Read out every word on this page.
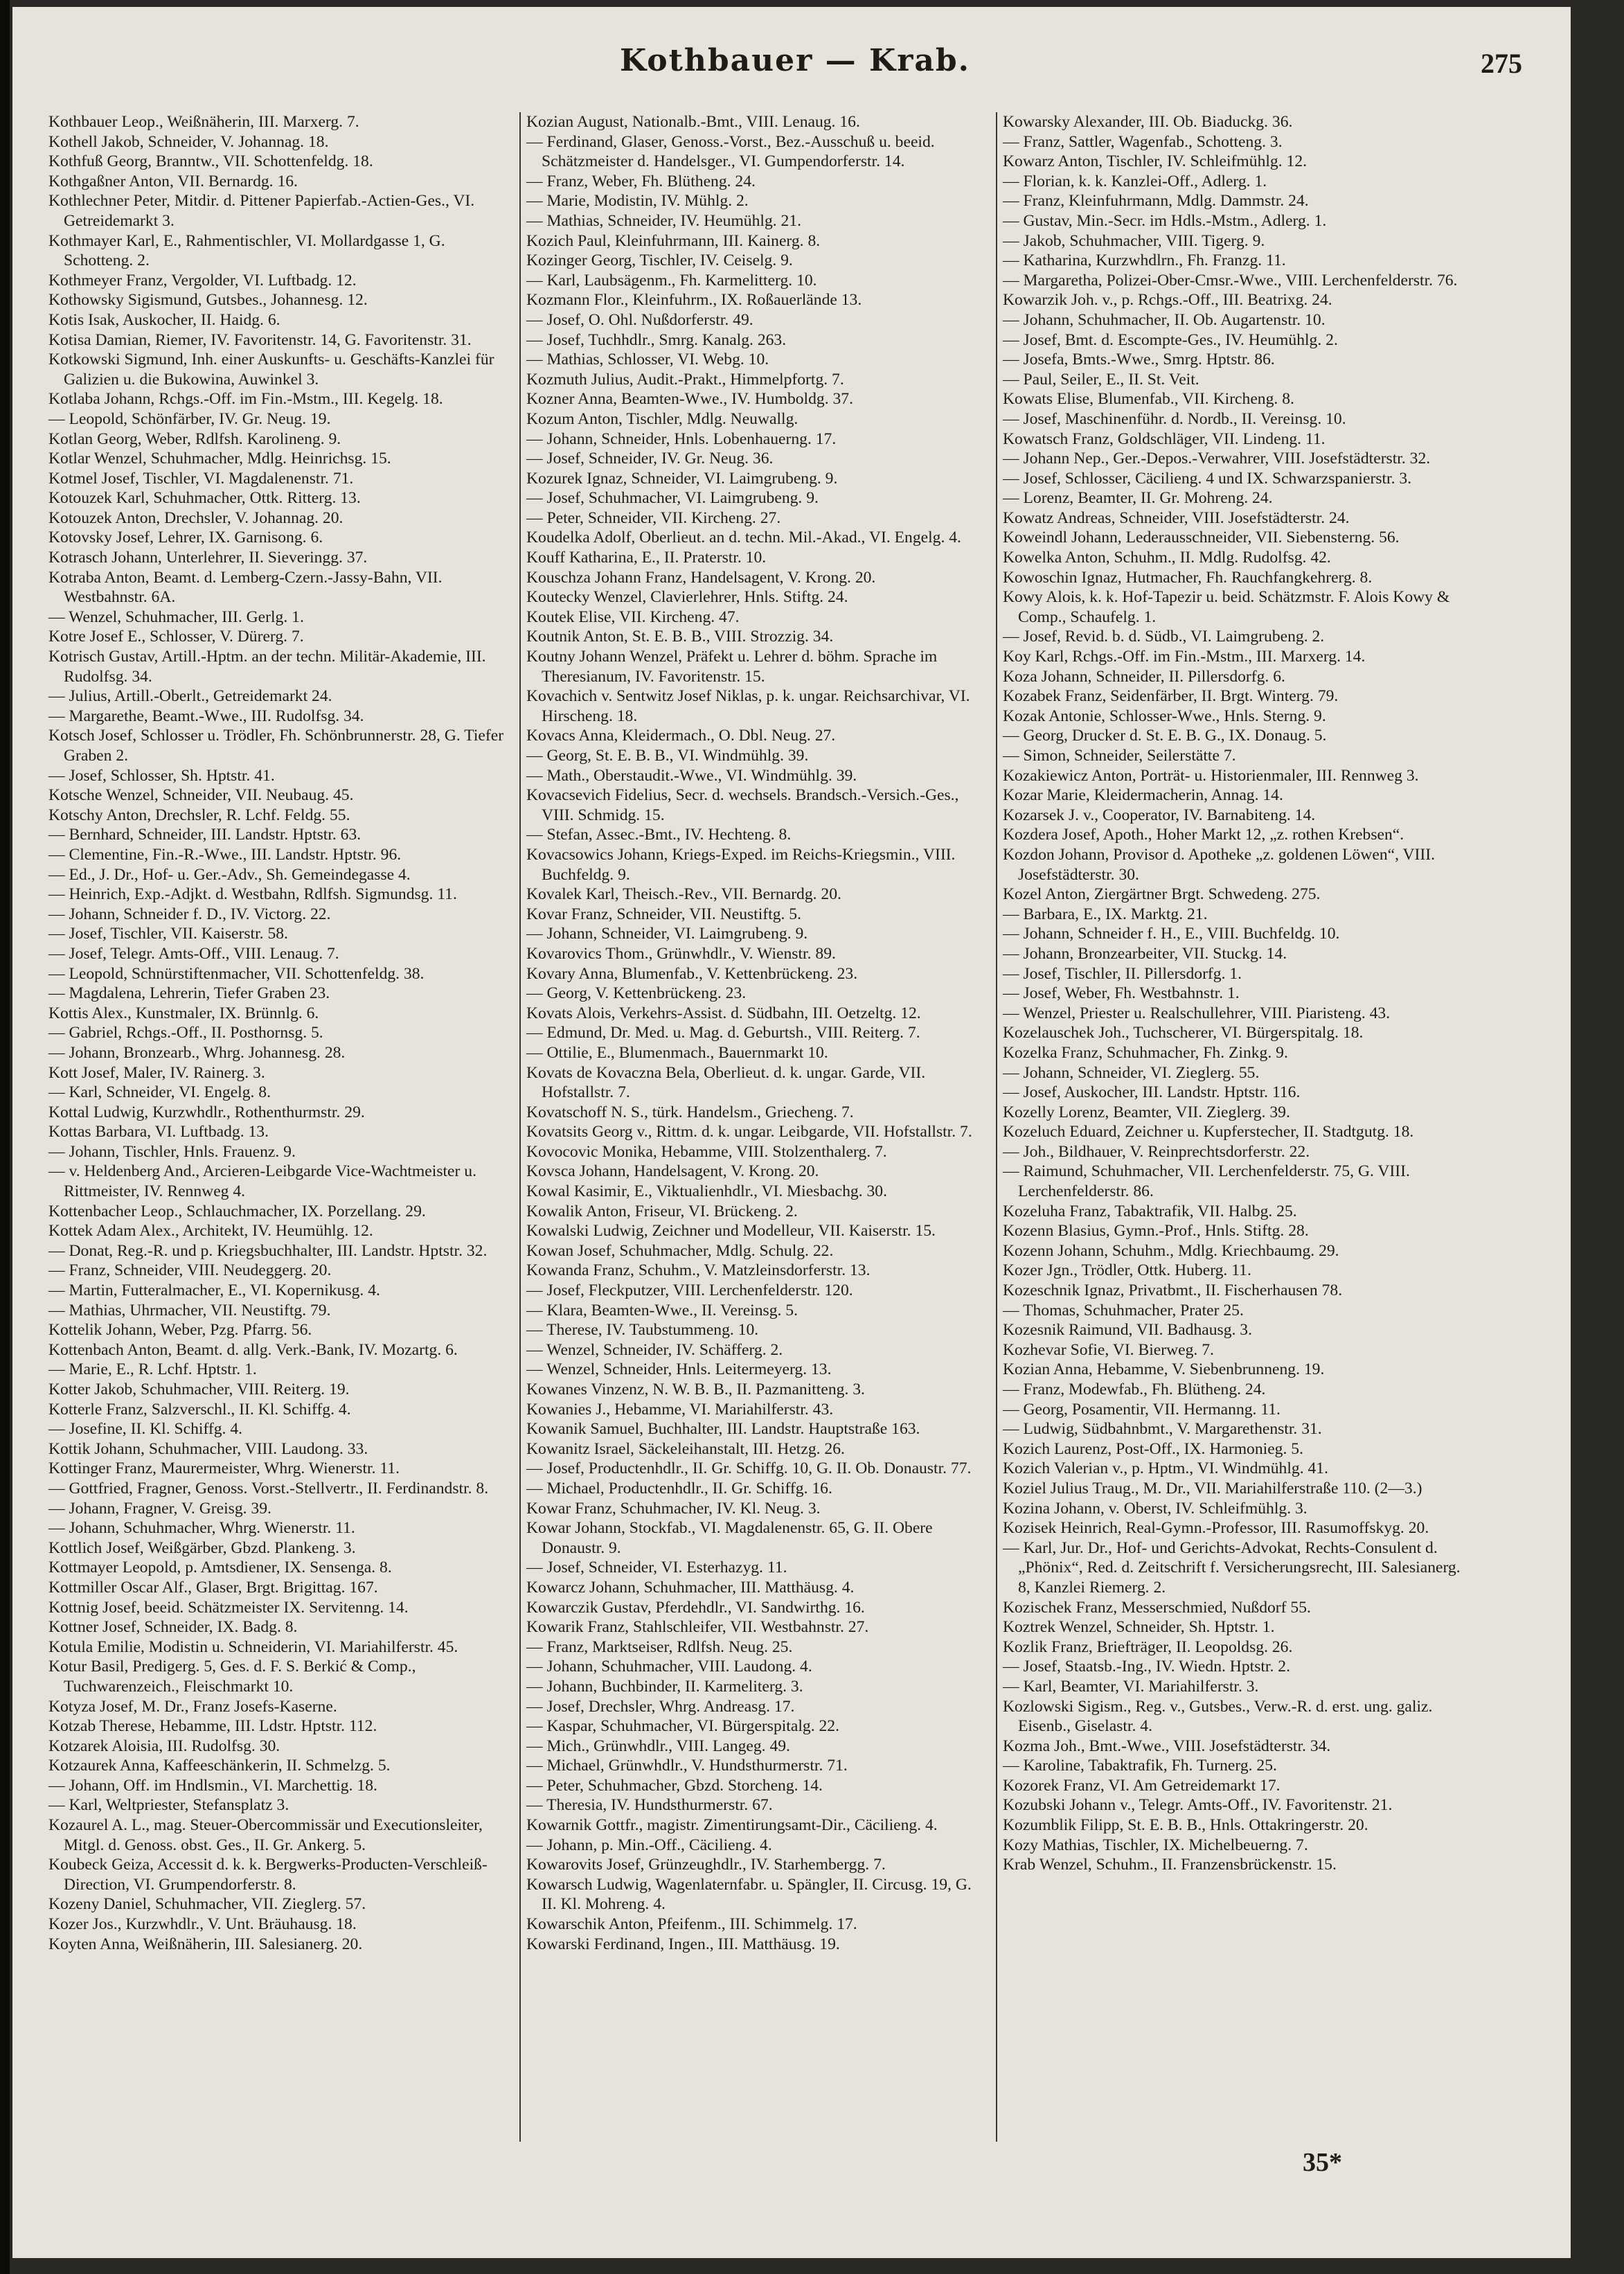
Kothbauer — Krab.	275

Kothbauer Leop., Weißnäherin, III. Marxerg. 7.

Kothell Jakob, Schneider, V. Johannag. 18.

Kothfuß Georg, Branntw., VII. Schottenfeldg. 18.

Kothgaßner Anton, VII. Bernardg. 16.

Kothlechner Peter, Mitdir. d. Pittener Papierfab.-Actien-Ges., VI. Getreidemarkt 3.

Kothmayer Karl, E., Rahmentischler, VI. Mollardgasse 1, G. Schotteng. 2.

Kothmeyer Franz, Vergolder, VI. Luftbadg. 12.

Kothowsky Sigismund, Gutsbes., Johannesg. 12.

Kotis Isak, Auskocher, II. Haidg. 6.

Kotisa Damian, Riemer, IV. Favoritenstr. 14, G. Favoritenstr. 31.

Kotkowski Sigmund, Inh. einer Auskunfts- u. Geschäfts-Kanzlei für Galizien u. die Bukowina, Auwinkel 3.

Kotlaba Johann, Rchgs.-Off. im Fin.-Mstm., III. Kegelg. 18.

— Leopold, Schönfärber, IV. Gr. Neug. 19.

Kotlan Georg, Weber, Rdlfsh. Karolineng. 9.

Kotlar Wenzel, Schuhmacher, Mdlg. Heinrichsg. 15.

Kotmel Josef, Tischler, VI. Magdalenenstr. 71.

Kotouzek Karl, Schuhmacher, Ottk. Ritterg. 13.

Kotouzek Anton, Drechsler, V. Johannag. 20.

Kotovsky Josef, Lehrer, IX. Garnisong. 6.

Kotrasch Johann, Unterlehrer, II. Sieveringg. 37.

Kotraba Anton, Beamt. d. Lemberg-Czern.-Jassy-Bahn, VII. Westbahnstr. 6A.

— Wenzel, Schuhmacher, III. Gerlg. 1.

Kotre Josef E., Schlosser, V. Dürerg. 7.

Kotrisch Gustav, Artill.-Hptm. an der techn. Militär-Akademie, III. Rudolfsg. 34.

— Julius, Artill.-Oberlt., Getreidemarkt 24.

— Margarethe, Beamt.-Wwe., III. Rudolfsg. 34.

Kotsch Josef, Schlosser u. Trödler, Fh. Schönbrunnerstr. 28, G. Tiefer Graben 2.

— Josef, Schlosser, Sh. Hptstr. 41.

Kotsche Wenzel, Schneider, VII. Neubaug. 45.

Kotschy Anton, Drechsler, R. Lchf. Feldg. 55.

— Bernhard, Schneider, III. Landstr. Hptstr. 63.

— Clementine, Fin.-R.-Wwe., III. Landstr. Hptstr. 96.

— Ed., J. Dr., Hof- u. Ger.-Adv., Sh. Gemeindegasse 4.

— Heinrich, Exp.-Adjkt. d. Westbahn, Rdlfsh. Sigmundsg. 11.

— Johann, Schneider f. D., IV. Victorg. 22.

— Josef, Tischler, VII. Kaiserstr. 58.

— Josef, Telegr. Amts-Off., VIII. Lenaug. 7.

— Leopold, Schnürstiftenmacher, VII. Schottenfeldg. 38.

— Magdalena, Lehrerin, Tiefer Graben 23.

Kottis Alex., Kunstmaler, IX. Brünnlg. 6.

— Gabriel, Rchgs.-Off., II. Posthornsg. 5.

— Johann, Bronzearb., Whrg. Johannesg. 28.

Kott Josef, Maler, IV. Rainerg. 3.

— Karl, Schneider, VI. Engelg. 8.

Kottal Ludwig, Kurzwhdlr., Rothenthurmstr. 29.

Kottas Barbara, VI. Luftbadg. 13.

— Johann, Tischler, Hnls. Frauenz. 9.

— v. Heldenberg And., Arcieren-Leibgarde Vice-Wachtmeister u. Rittmeister, IV. Rennweg 4.

Kottenbacher Leop., Schlauchmacher, IX. Porzellang. 29.

Kottek Adam Alex., Architekt, IV. Heumühlg. 12.

— Donat, Reg.-R. und p. Kriegsbuchhalter, III. Landstr. Hptstr. 32.

— Franz, Schneider, VIII. Neudeggerg. 20.

— Martin, Futteralmacher, E., VI. Kopernikusg. 4.

— Mathias, Uhrmacher, VII. Neustiftg. 79.

Kottelik Johann, Weber, Pzg. Pfarrg. 56.

Kottenbach Anton, Beamt. d. allg. Verk.-Bank, IV. Mozartg. 6.

— Marie, E., R. Lchf. Hptstr. 1.

Kotter Jakob, Schuhmacher, VIII. Reiterg. 19.

Kotterle Franz, Salzverschl., II. Kl. Schiffg. 4.

— Josefine, II. Kl. Schiffg. 4.

Kottik Johann, Schuhmacher, VIII. Laudong. 33.

Kottinger Franz, Maurermeister, Whrg. Wienerstr. 11.

— Gottfried, Fragner, Genoss. Vorst.-Stellvertr., II. Ferdinandstr. 8.

— Johann, Fragner, V. Greisg. 39.

— Johann, Schuhmacher, Whrg. Wienerstr. 11.

Kottlich Josef, Weißgärber, Gbzd. Plankeng. 3.

Kottmayer Leopold, p. Amtsdiener, IX. Sensenga. 8.

Kottmiller Oscar Alf., Glaser, Brgt. Brigittag. 167.

Kottnig Josef, beeid. Schätzmeister IX. Servitenng. 14.

Kottner Josef, Schneider, IX. Badg. 8.

Kotula Emilie, Modistin u. Schneiderin, VI. Mariahilferstr. 45.

Kotur Basil, Predigerg. 5, Ges. d. F. S. Berkić & Comp., Tuchwarenzeich., Fleischmarkt 10.

Kotyza Josef, M. Dr., Franz Josefs-Kaserne.

Kotzab Therese, Hebamme, III. Ldstr. Hptstr. 112.

Kotzarek Aloisia, III. Rudolfsg. 30.

Kotzaurek Anna, Kaffeeschänkerin, II. Schmelzg. 5.

— Johann, Off. im Hndlsmin., VI. Marchettig. 18.

— Karl, Weltpriester, Stefansplatz 3.

Kozaurel A. L., mag. Steuer-Obercommissär und Executionsleiter, Mitgl. d. Genoss. obst. Ges., II. Gr. Ankerg. 5.

Koubeck Geiza, Accessit d. k. k. Bergwerks-Producten-Verschleiß-Direction, VI. Grumpendorferstr. 8.

Kozeny Daniel, Schuhmacher, VII. Zieglerg. 57.

Kozer Jos., Kurzwhdlr., V. Unt. Bräuhausg. 18.

Koyten Anna, Weißnäherin, III. Salesianerg. 20.

Kozian August, Nationalb.-Bmt., VIII. Lenaug. 16.

— Ferdinand, Glaser, Genoss.-Vorst., Bez.-Ausschuß u. beeid. Schätzmeister d. Handelsger., VI. Gumpendorferstr. 14.

— Franz, Weber, Fh. Blütheng. 24.

— Marie, Modistin, IV. Mühlg. 2.

— Mathias, Schneider, IV. Heumühlg. 21.

Kozich Paul, Kleinfuhrmann, III. Kainerg. 8.

Kozinger Georg, Tischler, IV. Ceiselg. 9.

— Karl, Laubsägenm., Fh. Karmelitterg. 10.

Kozmann Flor., Kleinfuhrm., IX. Roßauerlände 13.

— Josef, O. Ohl. Nußdorferstr. 49.

— Josef, Tuchhdlr., Smrg. Kanalg. 263.

— Mathias, Schlosser, VI. Webg. 10.

Kozmuth Julius, Audit.-Prakt., Himmelpfortg. 7.

Kozner Anna, Beamten-Wwe., IV. Humboldg. 37.

Kozum Anton, Tischler, Mdlg. Neuwallg.

— Johann, Schneider, Hnls. Lobenhauerng. 17.

— Josef, Schneider, IV. Gr. Neug. 36.

Kozurek Ignaz, Schneider, VI. Laimgrubeng. 9.

— Josef, Schuhmacher, VI. Laimgrubeng. 9.

— Peter, Schneider, VII. Kircheng. 27.

Koudelka Adolf, Oberlieut. an d. techn. Mil.-Akad., VI. Engelg. 4.

Kouff Katharina, E., II. Praterstr. 10.

Kouschza Johann Franz, Handelsagent, V. Krong. 20.

Koutecky Wenzel, Clavierlehrer, Hnls. Stiftg. 24.

Koutek Elise, VII. Kircheng. 47.

Koutnik Anton, St. E. B. B., VIII. Strozzig. 34.

Koutny Johann Wenzel, Präfekt u. Lehrer d. böhm. Sprache im Theresianum, IV. Favoritenstr. 15.

Kovachich v. Sentwitz Josef Niklas, p. k. ungar. Reichsarchivar, VI. Hirscheng. 18.

Kovacs Anna, Kleidermach., O. Dbl. Neug. 27.

— Georg, St. E. B. B., VI. Windmühlg. 39.

— Math., Oberstaudit.-Wwe., VI. Windmühlg. 39.

Kovacsevich Fidelius, Secr. d. wechsels. Brandsch.-Versich.-Ges., VIII. Schmidg. 15.

— Stefan, Assec.-Bmt., IV. Hechteng. 8.

Kovacsowics Johann, Kriegs-Exped. im Reichs-Kriegsmin., VIII. Buchfeldg. 9.

Kovalek Karl, Theisch.-Rev., VII. Bernardg. 20.

Kovar Franz, Schneider, VII. Neustiftg. 5.

— Johann, Schneider, VI. Laimgrubeng. 9.

Kovarovics Thom., Grünwhdlr., V. Wienstr. 89.

Kovary Anna, Blumenfab., V. Kettenbrückeng. 23.

— Georg, V. Kettenbrückeng. 23.

Kovats Alois, Verkehrs-Assist. d. Südbahn, III. Oetzeltg. 12.

— Edmund, Dr. Med. u. Mag. d. Geburtsh., VIII. Reiterg. 7.

— Ottilie, E., Blumenmach., Bauernmarkt 10.

Kovats de Kovaczna Bela, Oberlieut. d. k. ungar. Garde, VII. Hofstallstr. 7.

Kovatschoff N. S., türk. Handelsm., Griecheng. 7.

Kovatsits Georg v., Rittm. d. k. ungar. Leibgarde, VII. Hofstallstr. 7.

Kovocovic Monika, Hebamme, VIII. Stolzenthalerg. 7.

Kovsca Johann, Handelsagent, V. Krong. 20.

Kowal Kasimir, E., Viktualienhdlr., VI. Miesbachg. 30.

Kowalik Anton, Friseur, VI. Brückeng. 2.

Kowalski Ludwig, Zeichner und Modelleur, VII. Kaiserstr. 15.

Kowan Josef, Schuhmacher, Mdlg. Schulg. 22.

Kowanda Franz, Schuhm., V. Matzleinsdorferstr. 13.

— Josef, Fleckputzer, VIII. Lerchenfelderstr. 120.

— Klara, Beamten-Wwe., II. Vereinsg. 5.

— Therese, IV. Taubstummeng. 10.

— Wenzel, Schneider, IV. Schäfferg. 2.

— Wenzel, Schneider, Hnls. Leitermeyerg. 13.

Kowanes Vinzenz, N. W. B. B., II. Pazmanitteng. 3.

Kowanies J., Hebamme, VI. Mariahilferstr. 43.

Kowanik Samuel, Buchhalter, III. Landstr. Hauptstraße 163.

Kowanitz Israel, Säckeleihanstalt, III. Hetzg. 26.

— Josef, Productenhdlr., II. Gr. Schiffg. 10, G. II. Ob. Donaustr. 77.

— Michael, Productenhdlr., II. Gr. Schiffg. 16.

Kowar Franz, Schuhmacher, IV. Kl. Neug. 3.

Kowar Johann, Stockfab., VI. Magdalenenstr. 65, G. II. Obere Donaustr. 9.

— Josef, Schneider, VI. Esterhazyg. 11.

Kowarcz Johann, Schuhmacher, III. Matthäusg. 4.

Kowarczik Gustav, Pferdehdlr., VI. Sandwirthg. 16.

Kowarik Franz, Stahlschleifer, VII. Westbahnstr. 27.

— Franz, Marktseiser, Rdlfsh. Neug. 25.

— Johann, Schuhmacher, VIII. Laudong. 4.

— Johann, Buchbinder, II. Karmeliterg. 3.

— Josef, Drechsler, Whrg. Andreasg. 17.

— Kaspar, Schuhmacher, VI. Bürgerspitalg. 22.

— Mich., Grünwhdlr., VIII. Langeg. 49.

— Michael, Grünwhdlr., V. Hundsthurmerstr. 71.

— Peter, Schuhmacher, Gbzd. Storcheng. 14.

— Theresia, IV. Hundsthurmerstr. 67.

Kowarnik Gottfr., magistr. Zimentirungsamt-Dir., Cäcilieng. 4.

— Johann, p. Min.-Off., Cäcilieng. 4.

Kowarovits Josef, Grünzeughdlr., IV. Starhembergg. 7.

Kowarsch Ludwig, Wagenlaternfabr. u. Spängler, II. Circusg. 19, G. II. Kl. Mohreng. 4.

Kowarschik Anton, Pfeifenm., III. Schimmelg. 17.

Kowarski Ferdinand, Ingen., III. Matthäusg. 19.

Kowarsky Alexander, III. Ob. Biaduckg. 36.

— Franz, Sattler, Wagenfab., Schotteng. 3.

Kowarz Anton, Tischler, IV. Schleifmühlg. 12.

— Florian, k. k. Kanzlei-Off., Adlerg. 1.

— Franz, Kleinfuhrmann, Mdlg. Dammstr. 24.

— Gustav, Min.-Secr. im Hdls.-Mstm., Adlerg. 1.

— Jakob, Schuhmacher, VIII. Tigerg. 9.

— Katharina, Kurzwhdlrn., Fh. Franzg. 11.

— Margaretha, Polizei-Ober-Cmsr.-Wwe., VIII. Lerchenfelderstr. 76.

Kowarzik Joh. v., p. Rchgs.-Off., III. Beatrixg. 24.

— Johann, Schuhmacher, II. Ob. Augartenstr. 10.

— Josef, Bmt. d. Escompte-Ges., IV. Heumühlg. 2.

— Josefa, Bmts.-Wwe., Smrg. Hptstr. 86.

— Paul, Seiler, E., II. St. Veit.

Kowats Elise, Blumenfab., VII. Kircheng. 8.

— Josef, Maschinenführ. d. Nordb., II. Vereinsg. 10.

Kowatsch Franz, Goldschläger, VII. Lindeng. 11.

— Johann Nep., Ger.-Depos.-Verwahrer, VIII. Josefstädterstr. 32.

— Josef, Schlosser, Cäcilieng. 4 und IX. Schwarzspanierstr. 3.

— Lorenz, Beamter, II. Gr. Mohreng. 24.

Kowatz Andreas, Schneider, VIII. Josefstädterstr. 24.

Koweindl Johann, Lederausschneider, VII. Siebensterng. 56.

Kowelka Anton, Schuhm., II. Mdlg. Rudolfsg. 42.

Kowoschin Ignaz, Hutmacher, Fh. Rauchfangkehrerg. 8.

Kowy Alois, k. k. Hof-Tapezir u. beid. Schätzmstr. F. Alois Kowy & Comp., Schaufelg. 1.

— Josef, Revid. b. d. Südb., VI. Laimgrubeng. 2.

Koy Karl, Rchgs.-Off. im Fin.-Mstm., III. Marxerg. 14.

Koza Johann, Schneider, II. Pillersdorfg. 6.

Kozabek Franz, Seidenfärber, II. Brgt. Winterg. 79.

Kozak Antonie, Schlosser-Wwe., Hnls. Sterng. 9.

— Georg, Drucker d. St. E. B. G., IX. Donaug. 5.

— Simon, Schneider, Seilerstätte 7.

Kozakiewicz Anton, Porträt- u. Historienmaler, III. Rennweg 3.

Kozar Marie, Kleidermacherin, Annag. 14.

Kozarsek J. v., Cooperator, IV. Barnabiteng. 14.

Kozdera Josef, Apoth., Hoher Markt 12, „z. rothen Krebsen“.

Kozdon Johann, Provisor d. Apotheke „z. goldenen Löwen“, VIII. Josefstädterstr. 30.

Kozel Anton, Ziergärtner Brgt. Schwedeng. 275.

— Barbara, E., IX. Marktg. 21.

— Johann, Schneider f. H., E., VIII. Buchfeldg. 10.

— Johann, Bronzearbeiter, VII. Stuckg. 14.

— Josef, Tischler, II. Pillersdorfg. 1.

— Josef, Weber, Fh. Westbahnstr. 1.

— Wenzel, Priester u. Realschullehrer, VIII. Piaristeng. 43.

Kozelauschek Joh., Tuchscherer, VI. Bürgerspitalg. 18.

Kozelka Franz, Schuhmacher, Fh. Zinkg. 9.

— Johann, Schneider, VI. Zieglerg. 55.

— Josef, Auskocher, III. Landstr. Hptstr. 116.

Kozelly Lorenz, Beamter, VII. Zieglerg. 39.

Kozeluch Eduard, Zeichner u. Kupferstecher, II. Stadtgutg. 18.

— Joh., Bildhauer, V. Reinprechtsdorferstr. 22.

— Raimund, Schuhmacher, VII. Lerchenfelderstr. 75, G. VIII. Lerchenfelderstr. 86.

Kozeluha Franz, Tabaktrafik, VII. Halbg. 25.

Kozenn Blasius, Gymn.-Prof., Hnls. Stiftg. 28.

Kozenn Johann, Schuhm., Mdlg. Kriechbaumg. 29.

Kozer Jgn., Trödler, Ottk. Huberg. 11.

Kozeschnik Ignaz, Privatbmt., II. Fischerhausen 78.

— Thomas, Schuhmacher, Prater 25.

Kozesnik Raimund, VII. Badhausg. 3.

Kozhevar Sofie, VI. Bierweg. 7.

Kozian Anna, Hebamme, V. Siebenbrunneng. 19.

— Franz, Modewfab., Fh. Blütheng. 24.

— Georg, Posamentir, VII. Hermanng. 11.

— Ludwig, Südbahnbmt., V. Margarethenstr. 31.

Kozich Laurenz, Post-Off., IX. Harmonieg. 5.

Kozich Valerian v., p. Hptm., VI. Windmühlg. 41.

Koziel Julius Traug., M. Dr., VII. Mariahilferstraße 110. (2—3.)

Kozina Johann, v. Oberst, IV. Schleifmühlg. 3.

Kozisek Heinrich, Real-Gymn.-Professor, III. Rasumoffskyg. 20.

— Karl, Jur. Dr., Hof- und Gerichts-Advokat, Rechts-Consulent d. „Phönix“, Red. d. Zeitschrift f. Versicherungsrecht, III. Salesianerg. 8, Kanzlei Riemerg. 2.

Kozischek Franz, Messerschmied, Nußdorf 55.

Koztrek Wenzel, Schneider, Sh. Hptstr. 1.

Kozlik Franz, Briefträger, II. Leopoldsg. 26.

— Josef, Staatsb.-Ing., IV. Wiedn. Hptstr. 2.

— Karl, Beamter, VI. Mariahilferstr. 3.

Kozlowski Sigism., Reg. v., Gutsbes., Verw.-R. d. erst. ung. galiz. Eisenb., Giselastr. 4.

Kozma Joh., Bmt.-Wwe., VIII. Josefstädterstr. 34.

— Karoline, Tabaktrafik, Fh. Turnerg. 25.

Kozorek Franz, VI. Am Getreidemarkt 17.

Kozubski Johann v., Telegr. Amts-Off., IV. Favoritenstr. 21.

Kozumblik Filipp, St. E. B. B., Hnls. Ottakringerstr. 20.

Kozy Mathias, Tischler, IX. Michelbeuerng. 7.

Krab Wenzel, Schuhm., II. Franzensbrückenstr. 15.

35*
